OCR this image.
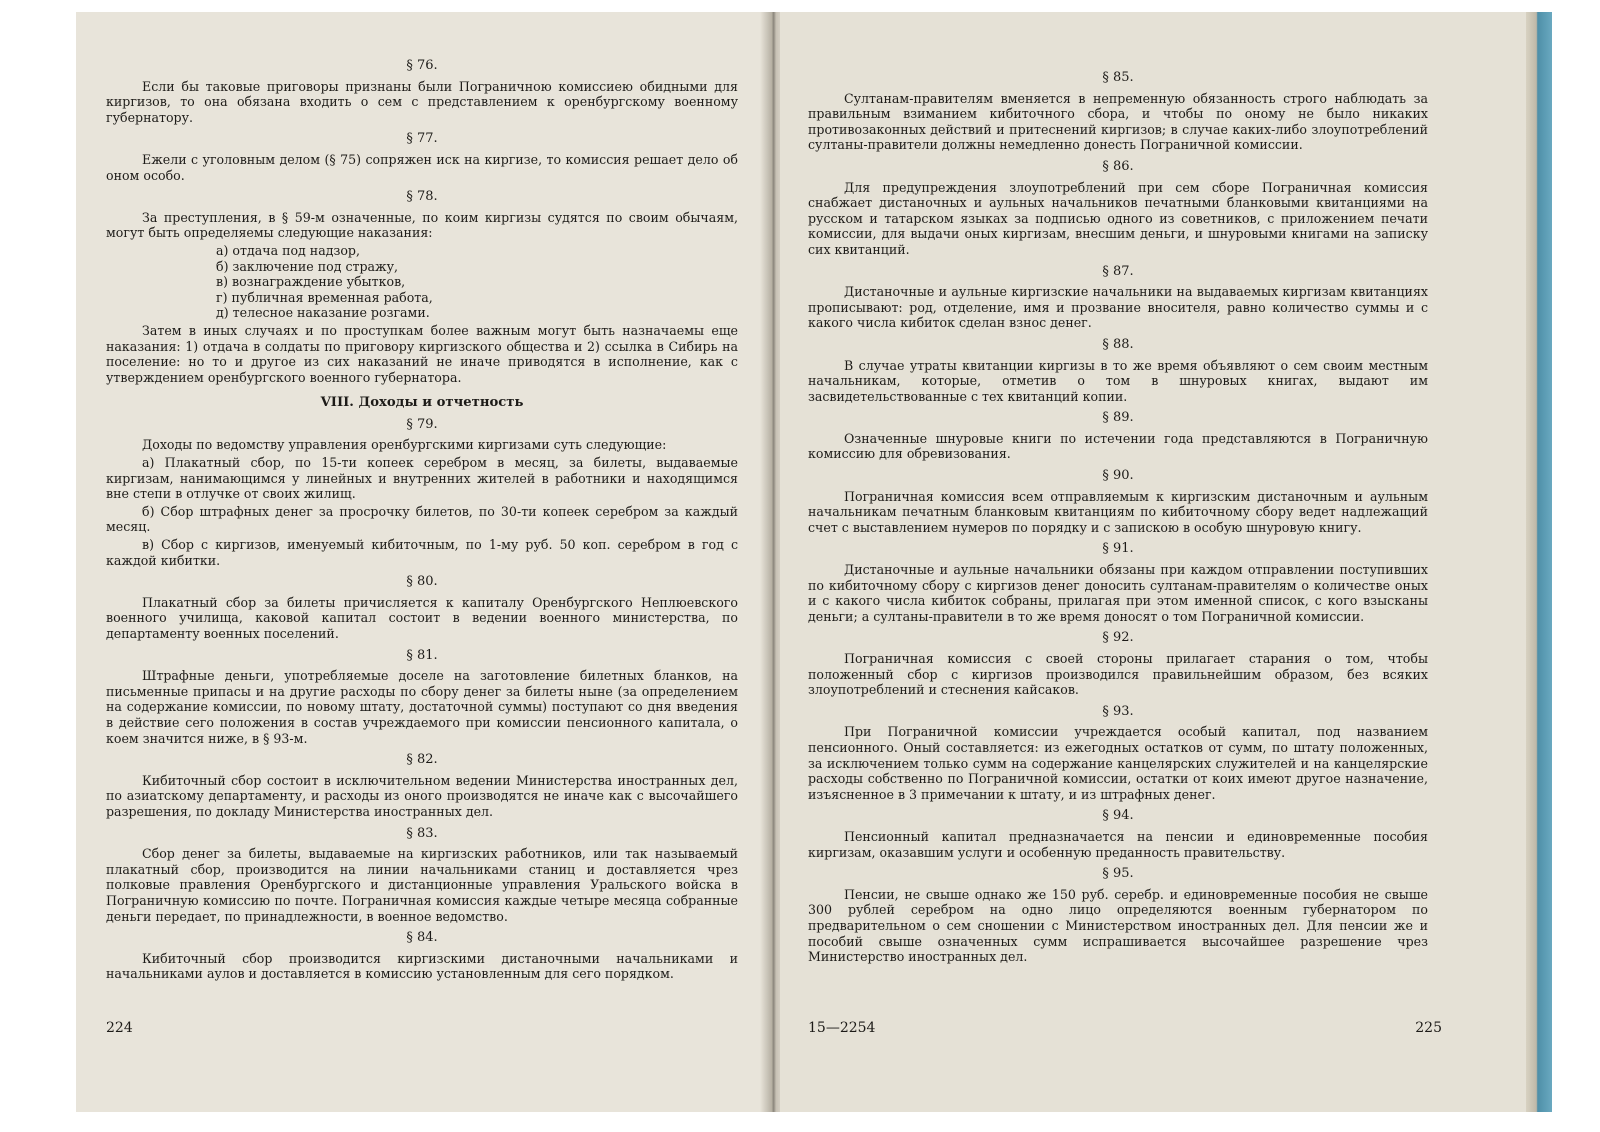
§ 76.
Если бы таковые приговоры признаны были Пограничною комиссиею обидными для киргизов, то она обязана входить о сем с представлением к оренбургскому военному губернатору.
§ 77.
Ежели с уголовным делом (§ 75) сопряжен иск на киргизе, то комиссия решает дело об оном особо.
§ 78.
За преступления, в § 59-м означенные, по коим киргизы судятся по своим обычаям, могут быть определяемы следующие наказания:
а) отдача под надзор,
б) заключение под стражу,
в) вознаграждение убытков,
г) публичная временная работа,
д) телесное наказание розгами.
Затем в иных случаях и по проступкам более важным могут быть назначаемы еще наказания: 1) отдача в солдаты по приговору киргизского общества и 2) ссылка в Сибирь на поселение: но то и другое из сих наказаний не иначе приводятся в исполнение, как с утверждением оренбургского военного губернатора.
VIII. Доходы и отчетность
§ 79.
Доходы по ведомству управления оренбургскими киргизами суть следующие:
а) Плакатный сбор, по 15-ти копеек серебром в месяц, за билеты, выдаваемые киргизам, нанимающимся у линейных и внутренних жителей в работники и находящимся вне степи в отлучке от своих жилищ.
б) Сбор штрафных денег за просрочку билетов, по 30-ти копеек серебром за каждый месяц.
в) Сбор с киргизов, именуемый кибиточным, по 1-му руб. 50 коп. серебром в год с каждой кибитки.
§ 80.
Плакатный сбор за билеты причисляется к капиталу Оренбургского Неплюевского военного училища, каковой капитал состоит в ведении военного министерства, по департаменту военных поселений.
§ 81.
Штрафные деньги, употребляемые доселе на заготовление билетных бланков, на письменные припасы и на другие расходы по сбору денег за билеты ныне (за определением на содержание комиссии, по новому штату, достаточной суммы) поступают со дня введения в действие сего положения в состав учреждаемого при комиссии пенсионного капитала, о коем значится ниже, в § 93-м.
§ 82.
Кибиточный сбор состоит в исключительном ведении Министерства иностранных дел, по азиатскому департаменту, и расходы из оного производятся не иначе как с высочайшего разрешения, по докладу Министерства иностранных дел.
§ 83.
Сбор денег за билеты, выдаваемые на киргизских работников, или так называемый плакатный сбор, производится на линии начальниками станиц и доставляется чрез полковые правления Оренбургского и дистанционные управления Уральского войска в Пограничную комиссию по почте. Пограничная комиссия каждые четыре месяца собранные деньги передает, по принадлежности, в военное ведомство.
§ 84.
Кибиточный сбор производится киргизскими дистаночными начальниками и начальниками аулов и доставляется в комиссию установленным для сего порядком.
224
§ 85.
Султанам-правителям вменяется в непременную обязанность строго наблюдать за правильным взиманием кибиточного сбора, и чтобы по оному не было никаких противозаконных действий и притеснений киргизов; в случае каких-либо злоупотреблений султаны-правители должны немедленно донесть Пограничной комиссии.
§ 86.
Для предупреждения злоупотреблений при сем сборе Пограничная комиссия снабжает дистаночных и аульных начальников печатными бланковыми квитанциями на русском и татарском языках за подписью одного из советников, с приложением печати комиссии, для выдачи оных киргизам, внесшим деньги, и шнуровыми книгами на записку сих квитанций.
§ 87.
Дистаночные и аульные киргизские начальники на выдаваемых киргизам квитанциях прописывают: род, отделение, имя и прозвание вносителя, равно количество суммы и с какого числа кибиток сделан взнос денег.
§ 88.
В случае утраты квитанции киргизы в то же время объявляют о сем своим местным начальникам, которые, отметив о том в шнуровых книгах, выдают им засвидетельствованные с тех квитанций копии.
§ 89.
Означенные шнуровые книги по истечении года представляются в Пограничную комиссию для обревизования.
§ 90.
Пограничная комиссия всем отправляемым к киргизским дистаночным и аульным начальникам печатным бланковым квитанциям по кибиточному сбору ведет надлежащий счет с выставлением нумеров по порядку и с запискою в особую шнуровую книгу.
§ 91.
Дистаночные и аульные начальники обязаны при каждом отправлении поступивших по кибиточному сбору с киргизов денег доносить султанам-правителям о количестве оных и с какого числа кибиток собраны, прилагая при этом именной список, с кого взысканы деньги; а султаны-правители в то же время доносят о том Пограничной комиссии.
§ 92.
Пограничная комиссия с своей стороны прилагает старания о том, чтобы положенный сбор с киргизов производился правильнейшим образом, без всяких злоупотреблений и стеснения кайсаков.
§ 93.
При Пограничной комиссии учреждается особый капитал, под названием пенсионного. Оный составляется: из ежегодных остатков от сумм, по штату положенных, за исключением только сумм на содержание канцелярских служителей и на канцелярские расходы собственно по Пограничной комиссии, остатки от коих имеют другое назначение, изъясненное в 3 примечании к штату, и из штрафных денег.
§ 94.
Пенсионный капитал предназначается на пенсии и единовременные пособия киргизам, оказавшим услуги и особенную преданность правительству.
§ 95.
Пенсии, не свыше однако же 150 руб. серебр. и единовременные пособия не свыше 300 рублей серебром на одно лицо определяются военным губернатором по предварительном о сем сношении с Министерством иностранных дел. Для пенсии же и пособий свыше означенных сумм испрашивается высочайшее разрешение чрез Министерство иностранных дел.
15—2254	225
